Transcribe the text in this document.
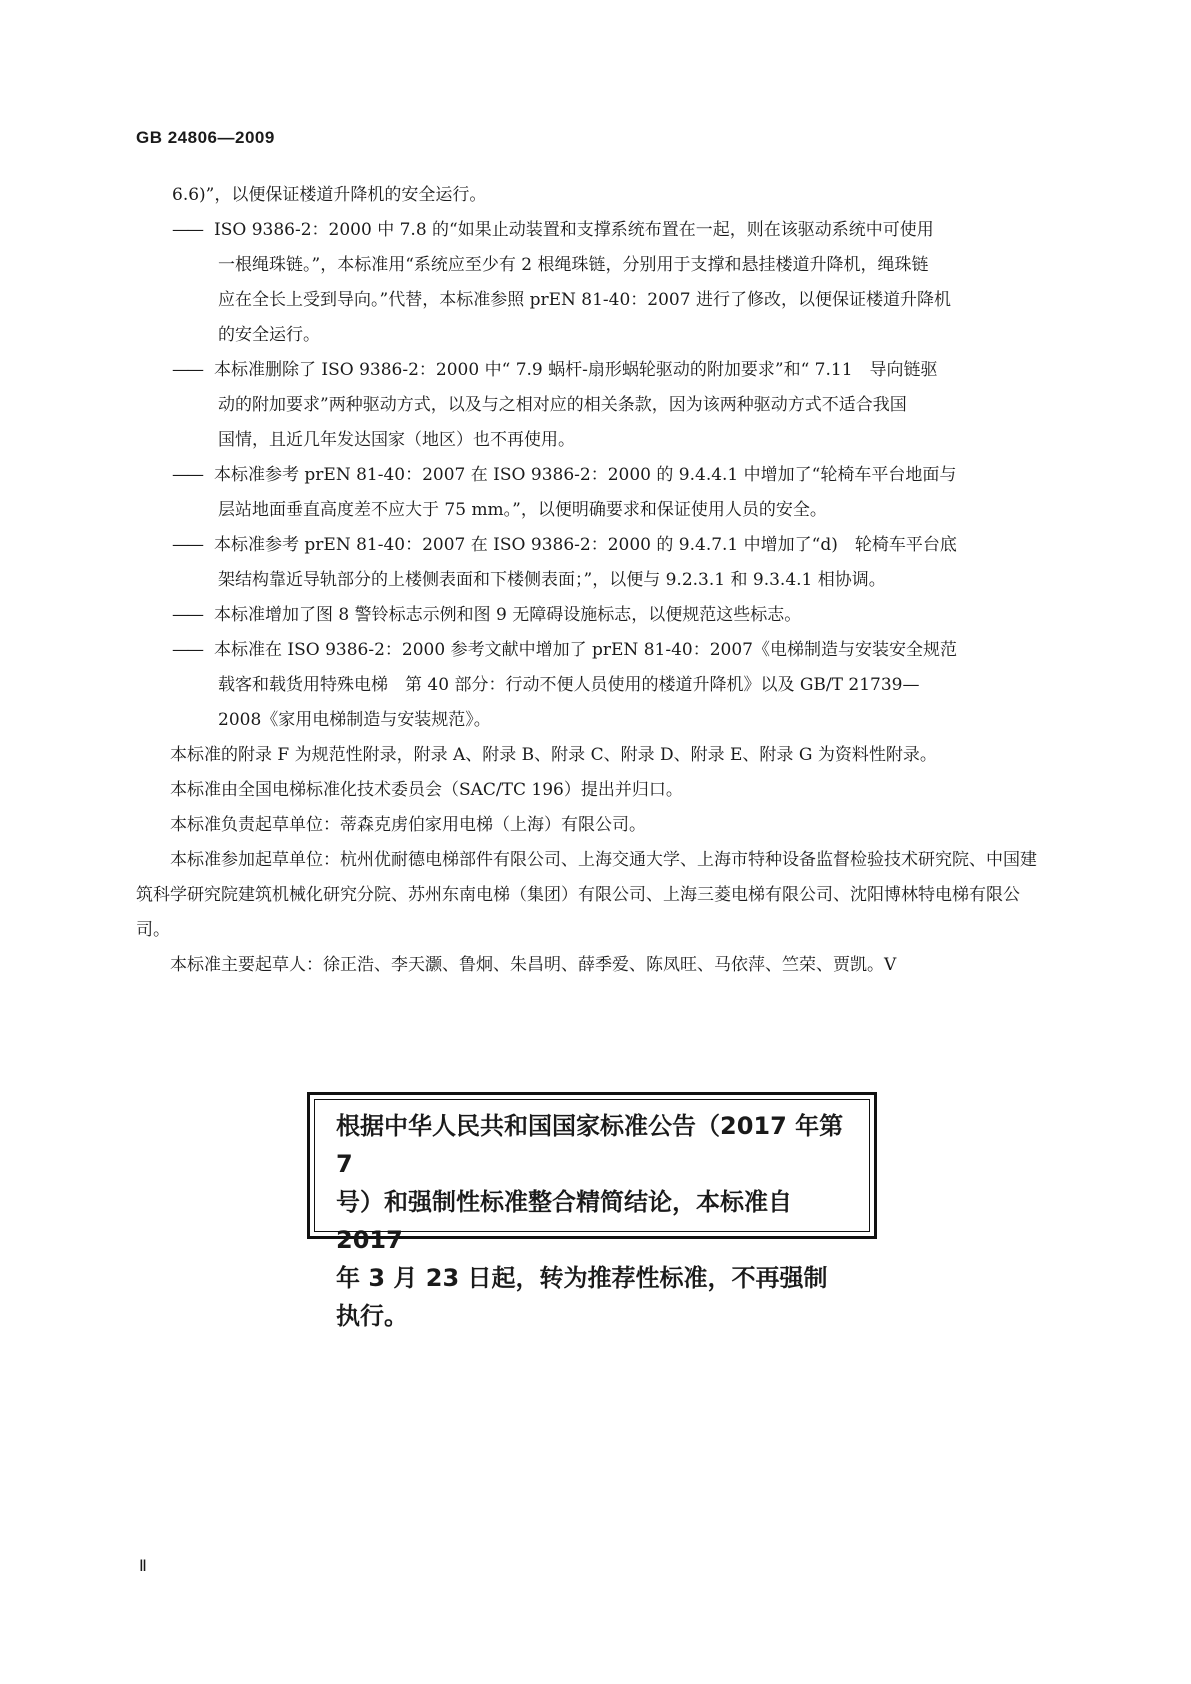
GB 24806—2009

6.6)”，以便保证楼道升降机的安全运行。

—— ISO 9386-2：2000 中 7.8 的“如果止动装置和支撑系统布置在一起，则在该驱动系统中可使用

一根绳珠链。”，本标准用“系统应至少有 2 根绳珠链，分别用于支撑和悬挂楼道升降机，绳珠链

应在全长上受到导向。”代替，本标准参照 prEN 81-40：2007 进行了修改，以便保证楼道升降机

的安全运行。

—— 本标准删除了 ISO 9386-2：2000 中“ 7.9 蜗杆-扇形蜗轮驱动的附加要求”和“ 7.11　导向链驱

动的附加要求”两种驱动方式，以及与之相对应的相关条款，因为该两种驱动方式不适合我国

国情，且近几年发达国家（地区）也不再使用。

—— 本标准参考 prEN 81-40：2007 在 ISO 9386-2：2000 的 9.4.4.1 中增加了“轮椅车平台地面与

层站地面垂直高度差不应大于 75 mm。”，以便明确要求和保证使用人员的安全。

—— 本标准参考 prEN 81-40：2007 在 ISO 9386-2：2000 的 9.4.7.1 中增加了“d)　轮椅车平台底

架结构靠近导轨部分的上楼侧表面和下楼侧表面；”，以便与 9.2.3.1 和 9.3.4.1 相协调。

—— 本标准增加了图 8 警铃标志示例和图 9 无障碍设施标志，以便规范这些标志。
—— 本标准在 ISO 9386-2：2000 参考文献中增加了 prEN 81-40：2007《电梯制造与安装安全规范

载客和载货用特殊电梯　第 40 部分：行动不便人员使用的楼道升降机》以及 GB/T 21739—

2008《家用电梯制造与安装规范》。

本标准的附录 F 为规范性附录，附录 A、附录 B、附录 C、附录 D、附录 E、附录 G 为资料性附录。

本标准由全国电梯标准化技术委员会（SAC/TC 196）提出并归口。

本标准负责起草单位：蒂森克虏伯家用电梯（上海）有限公司。

本标准参加起草单位：杭州优耐德电梯部件有限公司、上海交通大学、上海市特种设备监督检验技术研究院、中国建筑科学研究院建筑机械化研究分院、苏州东南电梯（集团）有限公司、上海三菱电梯有限公司、沈阳博林特电梯有限公司。

本标准主要起草人：徐正浩、李天灏、鲁炯、朱昌明、薛季爱、陈凤旺、马依萍、竺荣、贾凯。V

根据中华人民共和国国家标准公告（2017 年第 7
号）和强制性标准整合精简结论，本标准自 2017
年 3 月 23 日起，转为推荐性标准，不再强制执行。
Ⅱ
